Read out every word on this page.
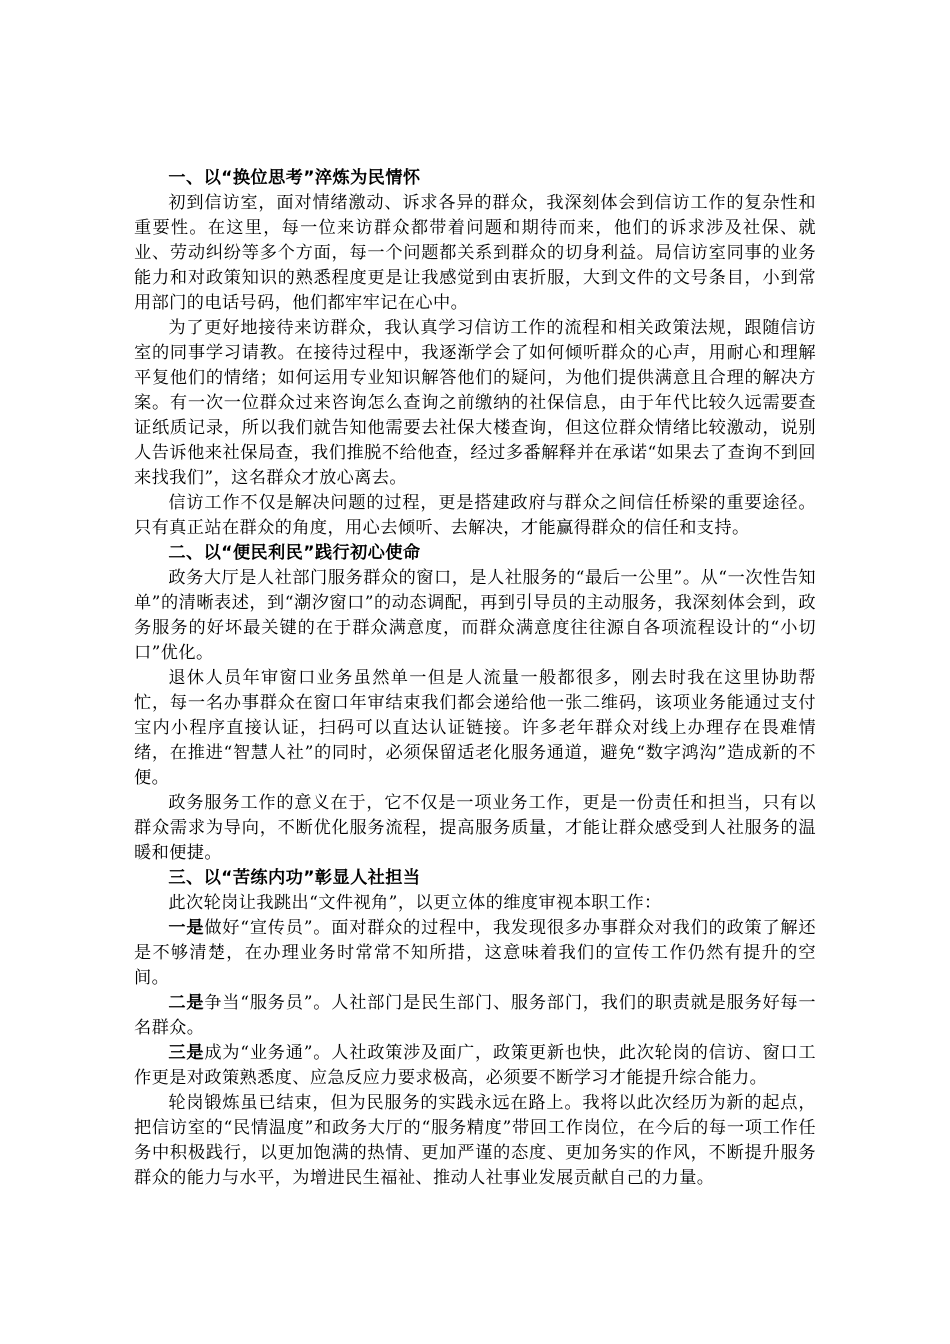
一、以“换位思考”淬炼为民情怀

初到信访室，面对情绪激动、诉求各异的群众，我深刻体会到信访工作的复杂性和重要性。在这里，每一位来访群众都带着问题和期待而来，他们的诉求涉及社保、就业、劳动纠纷等多个方面，每一个问题都关系到群众的切身利益。局信访室同事的业务能力和对政策知识的熟悉程度更是让我感觉到由衷折服，大到文件的文号条目，小到常用部门的电话号码，他们都牢牢记在心中。

为了更好地接待来访群众，我认真学习信访工作的流程和相关政策法规，跟随信访室的同事学习请教。在接待过程中，我逐渐学会了如何倾听群众的心声，用耐心和理解平复他们的情绪；如何运用专业知识解答他们的疑问，为他们提供满意且合理的解决方案。有一次一位群众过来咨询怎么查询之前缴纳的社保信息，由于年代比较久远需要查证纸质记录，所以我们就告知他需要去社保大楼查询，但这位群众情绪比较激动，说别人告诉他来社保局查，我们推脱不给他查，经过多番解释并在承诺“如果去了查询不到回来找我们”，这名群众才放心离去。

信访工作不仅是解决问题的过程，更是搭建政府与群众之间信任桥梁的重要途径。只有真正站在群众的角度，用心去倾听、去解决，才能赢得群众的信任和支持。

二、以“便民利民”践行初心使命

政务大厅是人社部门服务群众的窗口，是人社服务的“最后一公里”。从“一次性告知单”的清晰表述，到“潮汐窗口”的动态调配，再到引导员的主动服务，我深刻体会到，政务服务的好坏最关键的在于群众满意度，而群众满意度往往源自各项流程设计的“小切口”优化。

退休人员年审窗口业务虽然单一但是人流量一般都很多，刚去时我在这里协助帮忙，每一名办事群众在窗口年审结束我们都会递给他一张二维码，该项业务能通过支付宝内小程序直接认证，扫码可以直达认证链接。许多老年群众对线上办理存在畏难情绪，在推进“智慧人社”的同时，必须保留适老化服务通道，避免“数字鸿沟”造成新的不便。

政务服务工作的意义在于，它不仅是一项业务工作，更是一份责任和担当，只有以群众需求为导向，不断优化服务流程，提高服务质量，才能让群众感受到人社服务的温暖和便捷。

三、以“苦练内功”彰显人社担当

此次轮岗让我跳出“文件视角”，以更立体的维度审视本职工作：

一是做好“宣传员”。面对群众的过程中，我发现很多办事群众对我们的政策了解还是不够清楚，在办理业务时常常不知所措，这意味着我们的宣传工作仍然有提升的空间。

二是争当“服务员”。人社部门是民生部门、服务部门，我们的职责就是服务好每一名群众。

三是成为“业务通”。人社政策涉及面广，政策更新也快，此次轮岗的信访、窗口工作更是对政策熟悉度、应急反应力要求极高，必须要不断学习才能提升综合能力。

轮岗锻炼虽已结束，但为民服务的实践永远在路上。我将以此次经历为新的起点，把信访室的“民情温度”和政务大厅的“服务精度”带回工作岗位，在今后的每一项工作任务中积极践行，以更加饱满的热情、更加严谨的态度、更加务实的作风，不断提升服务群众的能力与水平，为增进民生福祉、推动人社事业发展贡献自己的力量。
